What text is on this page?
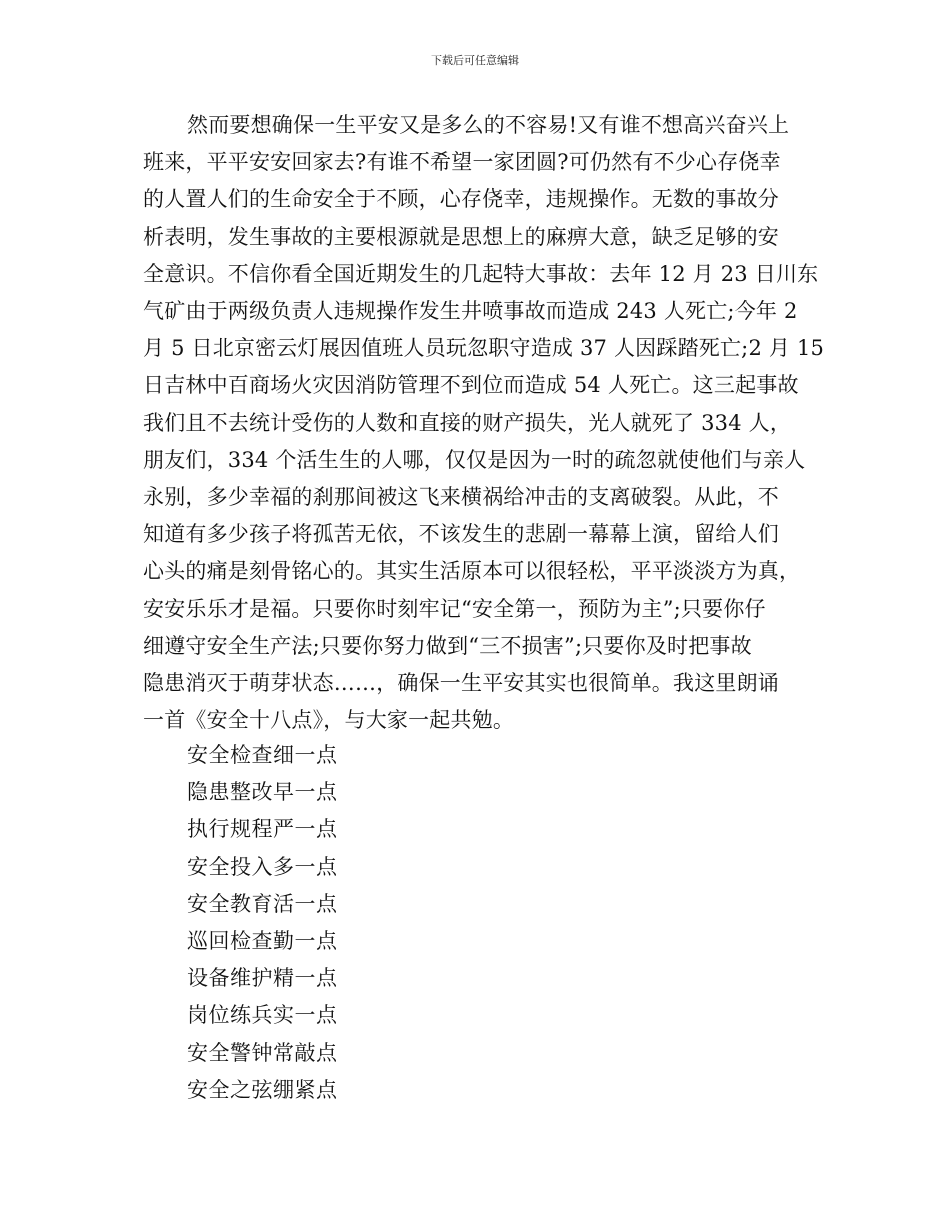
下载后可任意编辑

然而要想确保一生平安又是多么的不容易!又有谁不想高兴奋兴上
班来，平平安安回家去?有谁不希望一家团圆?可仍然有不少心存侥幸
的人置人们的生命安全于不顾，心存侥幸，违规操作。无数的事故分
析表明，发生事故的主要根源就是思想上的麻痹大意，缺乏足够的安
全意识。不信你看全国近期发生的几起特大事故：去年 12 月 23 日川东
气矿由于两级负责人违规操作发生井喷事故而造成 243 人死亡;今年 2
月 5 日北京密云灯展因值班人员玩忽职守造成 37 人因踩踏死亡;2 月 15
日吉林中百商场火灾因消防管理不到位而造成 54 人死亡。这三起事故
我们且不去统计受伤的人数和直接的财产损失，光人就死了 334 人，
朋友们，334 个活生生的人哪，仅仅是因为一时的疏忽就使他们与亲人
永别，多少幸福的刹那间被这飞来横祸给冲击的支离破裂。从此，不
知道有多少孩子将孤苦无依，不该发生的悲剧一幕幕上演，留给人们
心头的痛是刻骨铭心的。其实生活原本可以很轻松，平平淡淡方为真，
安安乐乐才是福。只要你时刻牢记“安全第一，预防为主”;只要你仔
细遵守安全生产法;只要你努力做到“三不损害”;只要你及时把事故
隐患消灭于萌芽状态……，确保一生平安其实也很简单。我这里朗诵
一首《安全十八点》，与大家一起共勉。

安全检查细一点
隐患整改早一点
执行规程严一点
安全投入多一点
安全教育活一点
巡回检查勤一点
设备维护精一点
岗位练兵实一点
安全警钟常敲点
安全之弦绷紧点
